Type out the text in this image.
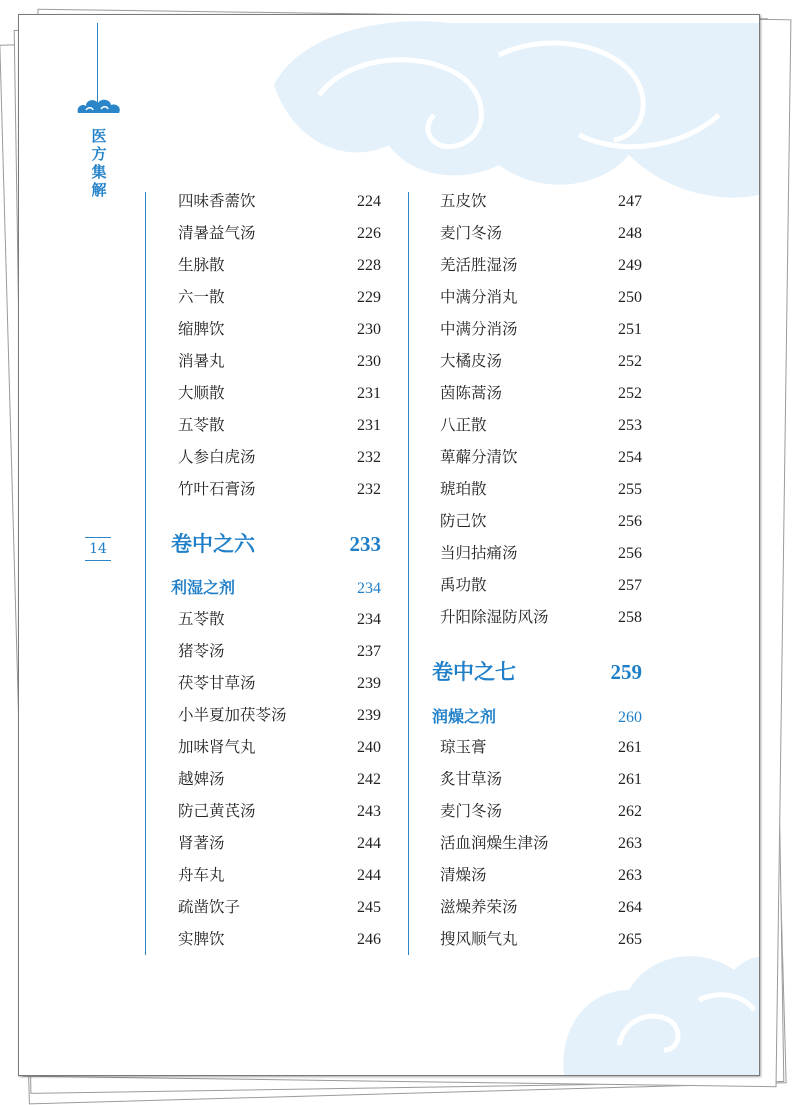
医方集解
14
四味香薷饮	224
清暑益气汤	226
生脉散	228
六一散	229
缩脾饮	230
消暑丸	230
大顺散	231
五苓散	231
人参白虎汤	232
竹叶石膏汤	232
卷中之六	233
利湿之剂	234
五苓散	234
猪苓汤	237
茯苓甘草汤	239
小半夏加茯苓汤	239
加味肾气丸	240
越婢汤	242
防己黄芪汤	243
肾著汤	244
舟车丸	244
疏凿饮子	245
实脾饮	246
五皮饮	247
麦门冬汤	248
羌活胜湿汤	249
中满分消丸	250
中满分消汤	251
大橘皮汤	252
茵陈蒿汤	252
八正散	253
萆薢分清饮	254
琥珀散	255
防己饮	256
当归拈痛汤	256
禹功散	257
升阳除湿防风汤	258
卷中之七	259
润燥之剂	260
琼玉膏	261
炙甘草汤	261
麦门冬汤	262
活血润燥生津汤	263
清燥汤	263
滋燥养荣汤	264
搜风顺气丸	265
